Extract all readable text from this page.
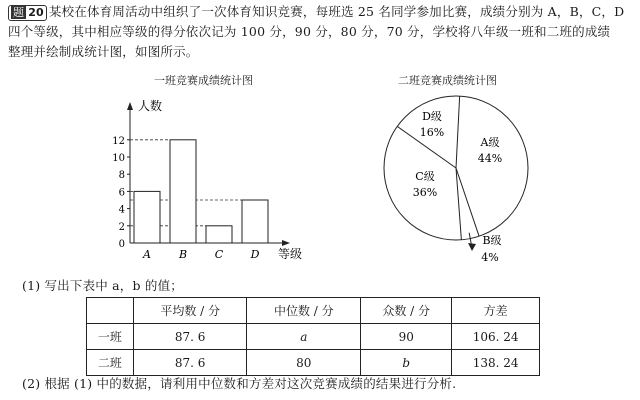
题 20 某校在体育周活动中组织了一次体育知识竞赛，每班选 25 名同学参加比赛，成绩分别为 A，B，C，D
四个等级，其中相应等级的得分依次记为 100 分，90 分，80 分，70 分，学校将八年级一班和二班的成绩
整理并绘制成统计图，如图所示。
一班竞赛成绩统计图	二班竞赛成绩统计图
人数
等级
0
2
4
6
8
10
12
A	B	C D
A级
44%
C级
36%
D级
16%
B级
4%
(1) 写出下表中 a，b 的值；
	平均数 / 分	中位数 / 分	众数 / 分	方差
一班	87. 6	a	90	106. 24
二班	87. 6	80	b	138. 24
(2) 根据 (1) 中的数据，请利用中位数和方差对这次竞赛成绩的结果进行分析.
